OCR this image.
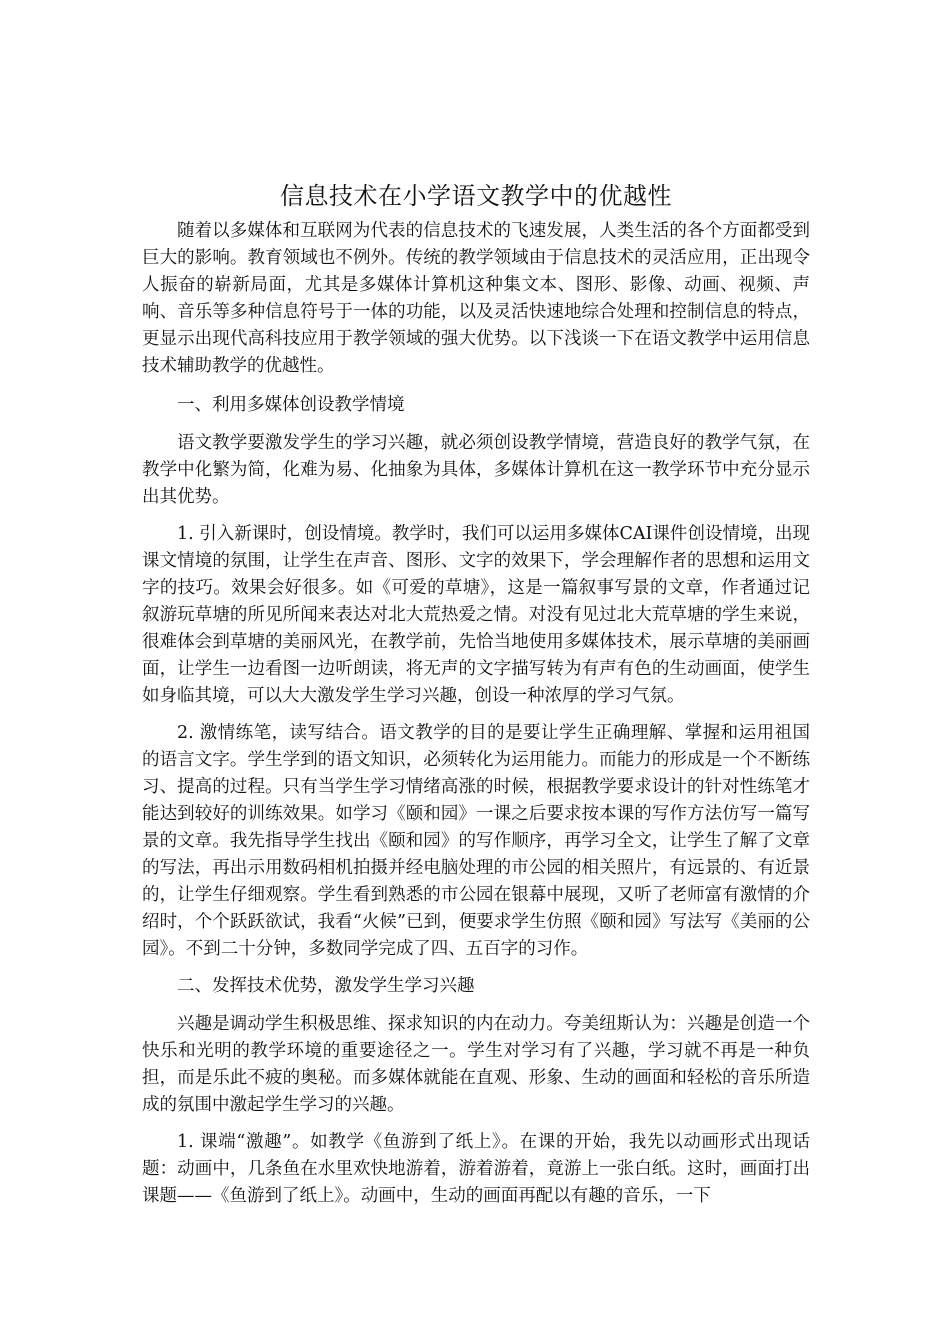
信息技术在小学语文教学中的优越性

随着以多媒体和互联网为代表的信息技术的飞速发展，人类生活的各个方面都受到巨大的影响。教育领域也不例外。传统的教学领域由于信息技术的灵活应用，正出现令人振奋的崭新局面，尤其是多媒体计算机这种集文本、图形、影像、动画、视频、声响、音乐等多种信息符号于一体的功能，以及灵活快速地综合处理和控制信息的特点，更显示出现代高科技应用于教学领域的强大优势。以下浅谈一下在语文教学中运用信息技术辅助教学的优越性。

一、利用多媒体创设教学情境

语文教学要激发学生的学习兴趣，就必须创设教学情境，营造良好的教学气氛，在教学中化繁为简，化难为易、化抽象为具体，多媒体计算机在这一教学环节中充分显示出其优势。

1. 引入新课时，创设情境。教学时，我们可以运用多媒体CAI课件创设情境，出现课文情境的氛围，让学生在声音、图形、文字的效果下，学会理解作者的思想和运用文字的技巧。效果会好很多。如《可爱的草塘》，这是一篇叙事写景的文章，作者通过记叙游玩草塘的所见所闻来表达对北大荒热爱之情。对没有见过北大荒草塘的学生来说，很难体会到草塘的美丽风光，在教学前，先恰当地使用多媒体技术，展示草塘的美丽画面，让学生一边看图一边听朗读，将无声的文字描写转为有声有色的生动画面，使学生如身临其境，可以大大激发学生学习兴趣，创设一种浓厚的学习气氛。

2. 激情练笔，读写结合。语文教学的目的是要让学生正确理解、掌握和运用祖国的语言文字。学生学到的语文知识，必须转化为运用能力。而能力的形成是一个不断练习、提高的过程。只有当学生学习情绪高涨的时候，根据教学要求设计的针对性练笔才能达到较好的训练效果。如学习《颐和园》一课之后要求按本课的写作方法仿写一篇写景的文章。我先指导学生找出《颐和园》的写作顺序，再学习全文，让学生了解了文章的写法，再出示用数码相机拍摄并经电脑处理的市公园的相关照片，有远景的、有近景的，让学生仔细观察。学生看到熟悉的市公园在银幕中展现，又听了老师富有激情的介绍时，个个跃跃欲试，我看“火候”已到，便要求学生仿照《颐和园》写法写《美丽的公园》。不到二十分钟，多数同学完成了四、五百字的习作。

二、发挥技术优势，激发学生学习兴趣

兴趣是调动学生积极思维、探求知识的内在动力。夸美纽斯认为：兴趣是创造一个快乐和光明的教学环境的重要途径之一。学生对学习有了兴趣，学习就不再是一种负担，而是乐此不疲的奥秘。而多媒体就能在直观、形象、生动的画面和轻松的音乐所造成的氛围中激起学生学习的兴趣。

1. 课端“激趣”。如教学《鱼游到了纸上》。在课的开始，我先以动画形式出现话题：动画中，几条鱼在水里欢快地游着，游着游着，竟游上一张白纸。这时，画面打出课题——《鱼游到了纸上》。动画中，生动的画面再配以有趣的音乐，一下
